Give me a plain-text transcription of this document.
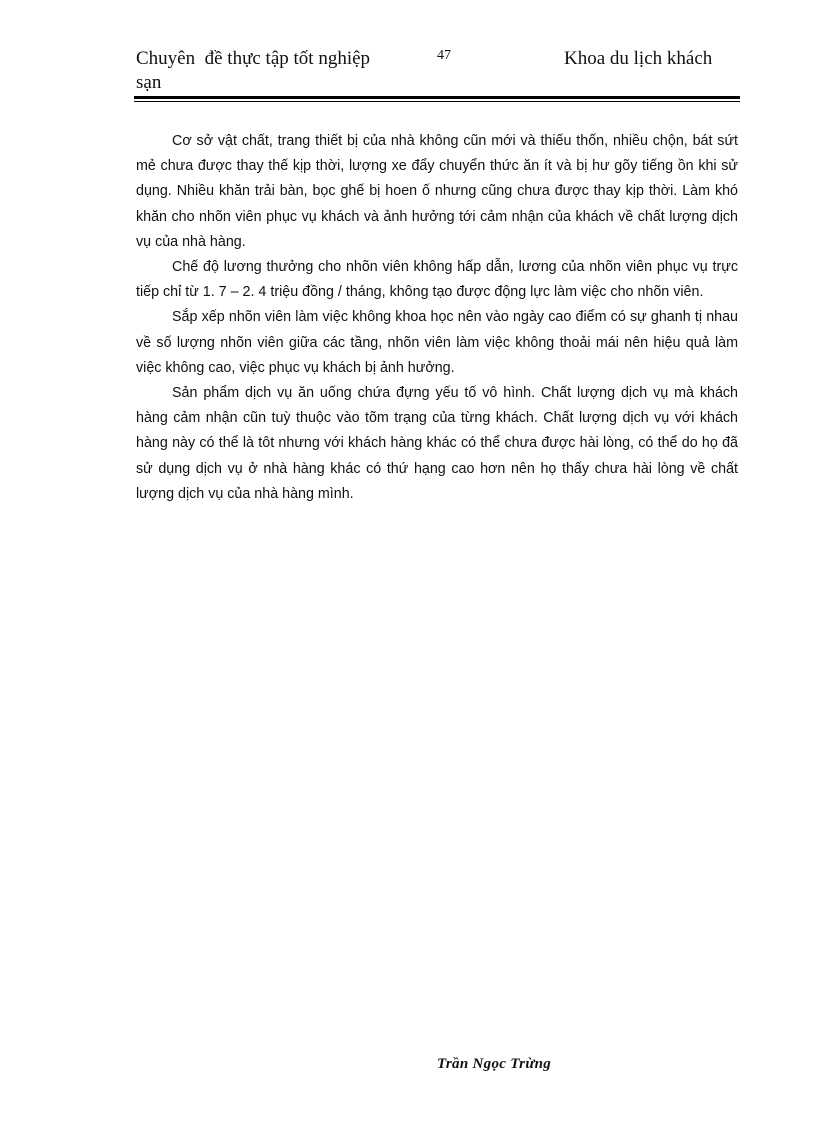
Chuyên  đề thực tập tốt nghiệp
sạn
47	Khoa du lịch khách

Cơ sở vật chất, trang thiết bị của nhà không cũn mới và thiếu thốn, nhiều chộn, bát sứt mẻ chưa được thay thế kịp thời, lượng xe đẩy chuyển thức ăn ít và bị hư gõy tiếng ồn khi sử dụng. Nhiều khăn trải bàn, bọc ghế bị hoen ố nhưng cũng chưa được thay kịp thời. Làm khó khăn cho nhõn viên phục vụ khách và ảnh hưởng tới cảm nhận của khách về chất lượng dịch vụ của nhà hàng.

Chế độ lương thưởng cho nhõn viên không hấp dẫn, lương của nhõn viên phục vụ trực tiếp chỉ từ 1. 7 – 2. 4 triệu đồng / tháng, không tạo được động lực làm việc cho nhõn viên.

Sắp xếp nhõn viên làm việc không khoa học nên vào ngày cao điểm có sự ghanh tị nhau về số lượng nhõn viên giữa các tầng, nhõn viên làm việc không thoải mái nên hiệu quả làm việc không cao, việc phục vụ khách bị ảnh hưởng.

Sản phẩm dịch vụ ăn uống chứa đựng yếu tố vô hình. Chất lượng dịch vụ mà khách hàng cảm nhận cũn tuỳ thuộc vào tõm trạng của từng khách. Chất lượng dịch vụ với khách hàng này có thể là tôt nhưng với khách hàng khác có thể chưa được hài lòng, có thể do họ đã sử dụng dịch vụ ở nhà hàng khác có thứ hạng cao hơn nên họ thấy chưa hài lòng về chất lượng dịch vụ của nhà hàng mình.

Trần Ngọc Trừng
